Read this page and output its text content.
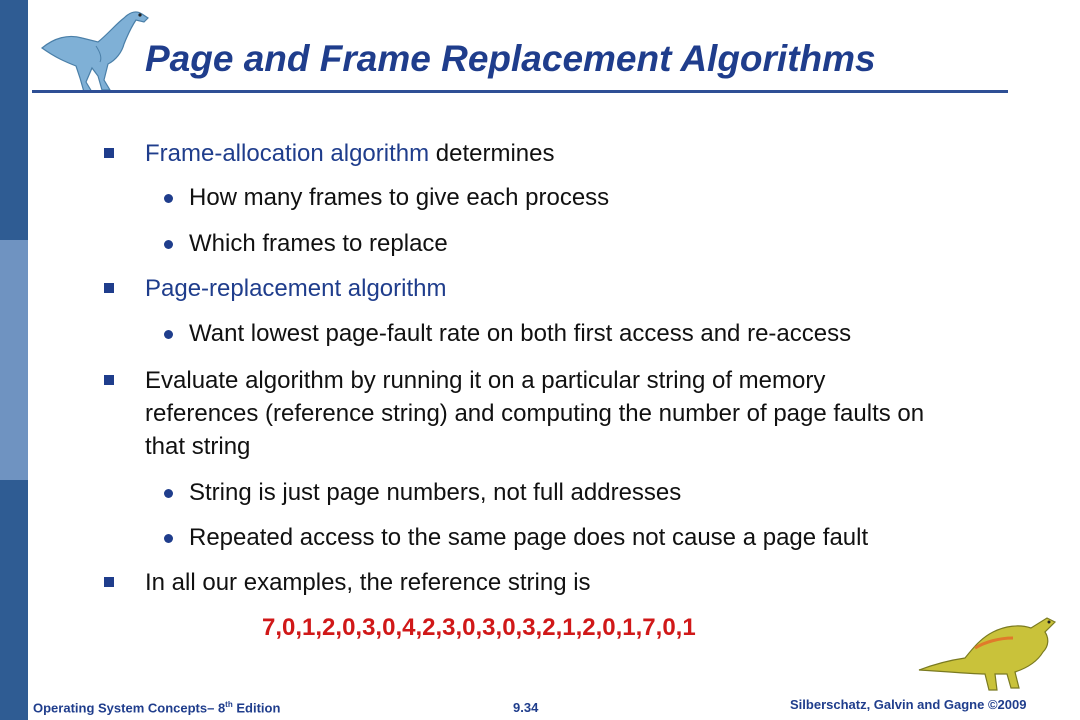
Page and Frame Replacement Algorithms
Frame-allocation algorithm determines
How many frames to give each process
Which frames to replace
Page-replacement algorithm
Want lowest page-fault rate on both first access and re-access
Evaluate algorithm by running it on a particular string of memory
references (reference string) and computing the number of page faults on
that string
String is just page numbers, not full addresses
Repeated access to the same page does not cause a page fault
In all our examples, the reference string is
7,0,1,2,0,3,0,4,2,3,0,3,0,3,2,1,2,0,1,7,0,1
Operating System Concepts– 8th Edition	9.34	Silberschatz, Galvin and Gagne ©2009
